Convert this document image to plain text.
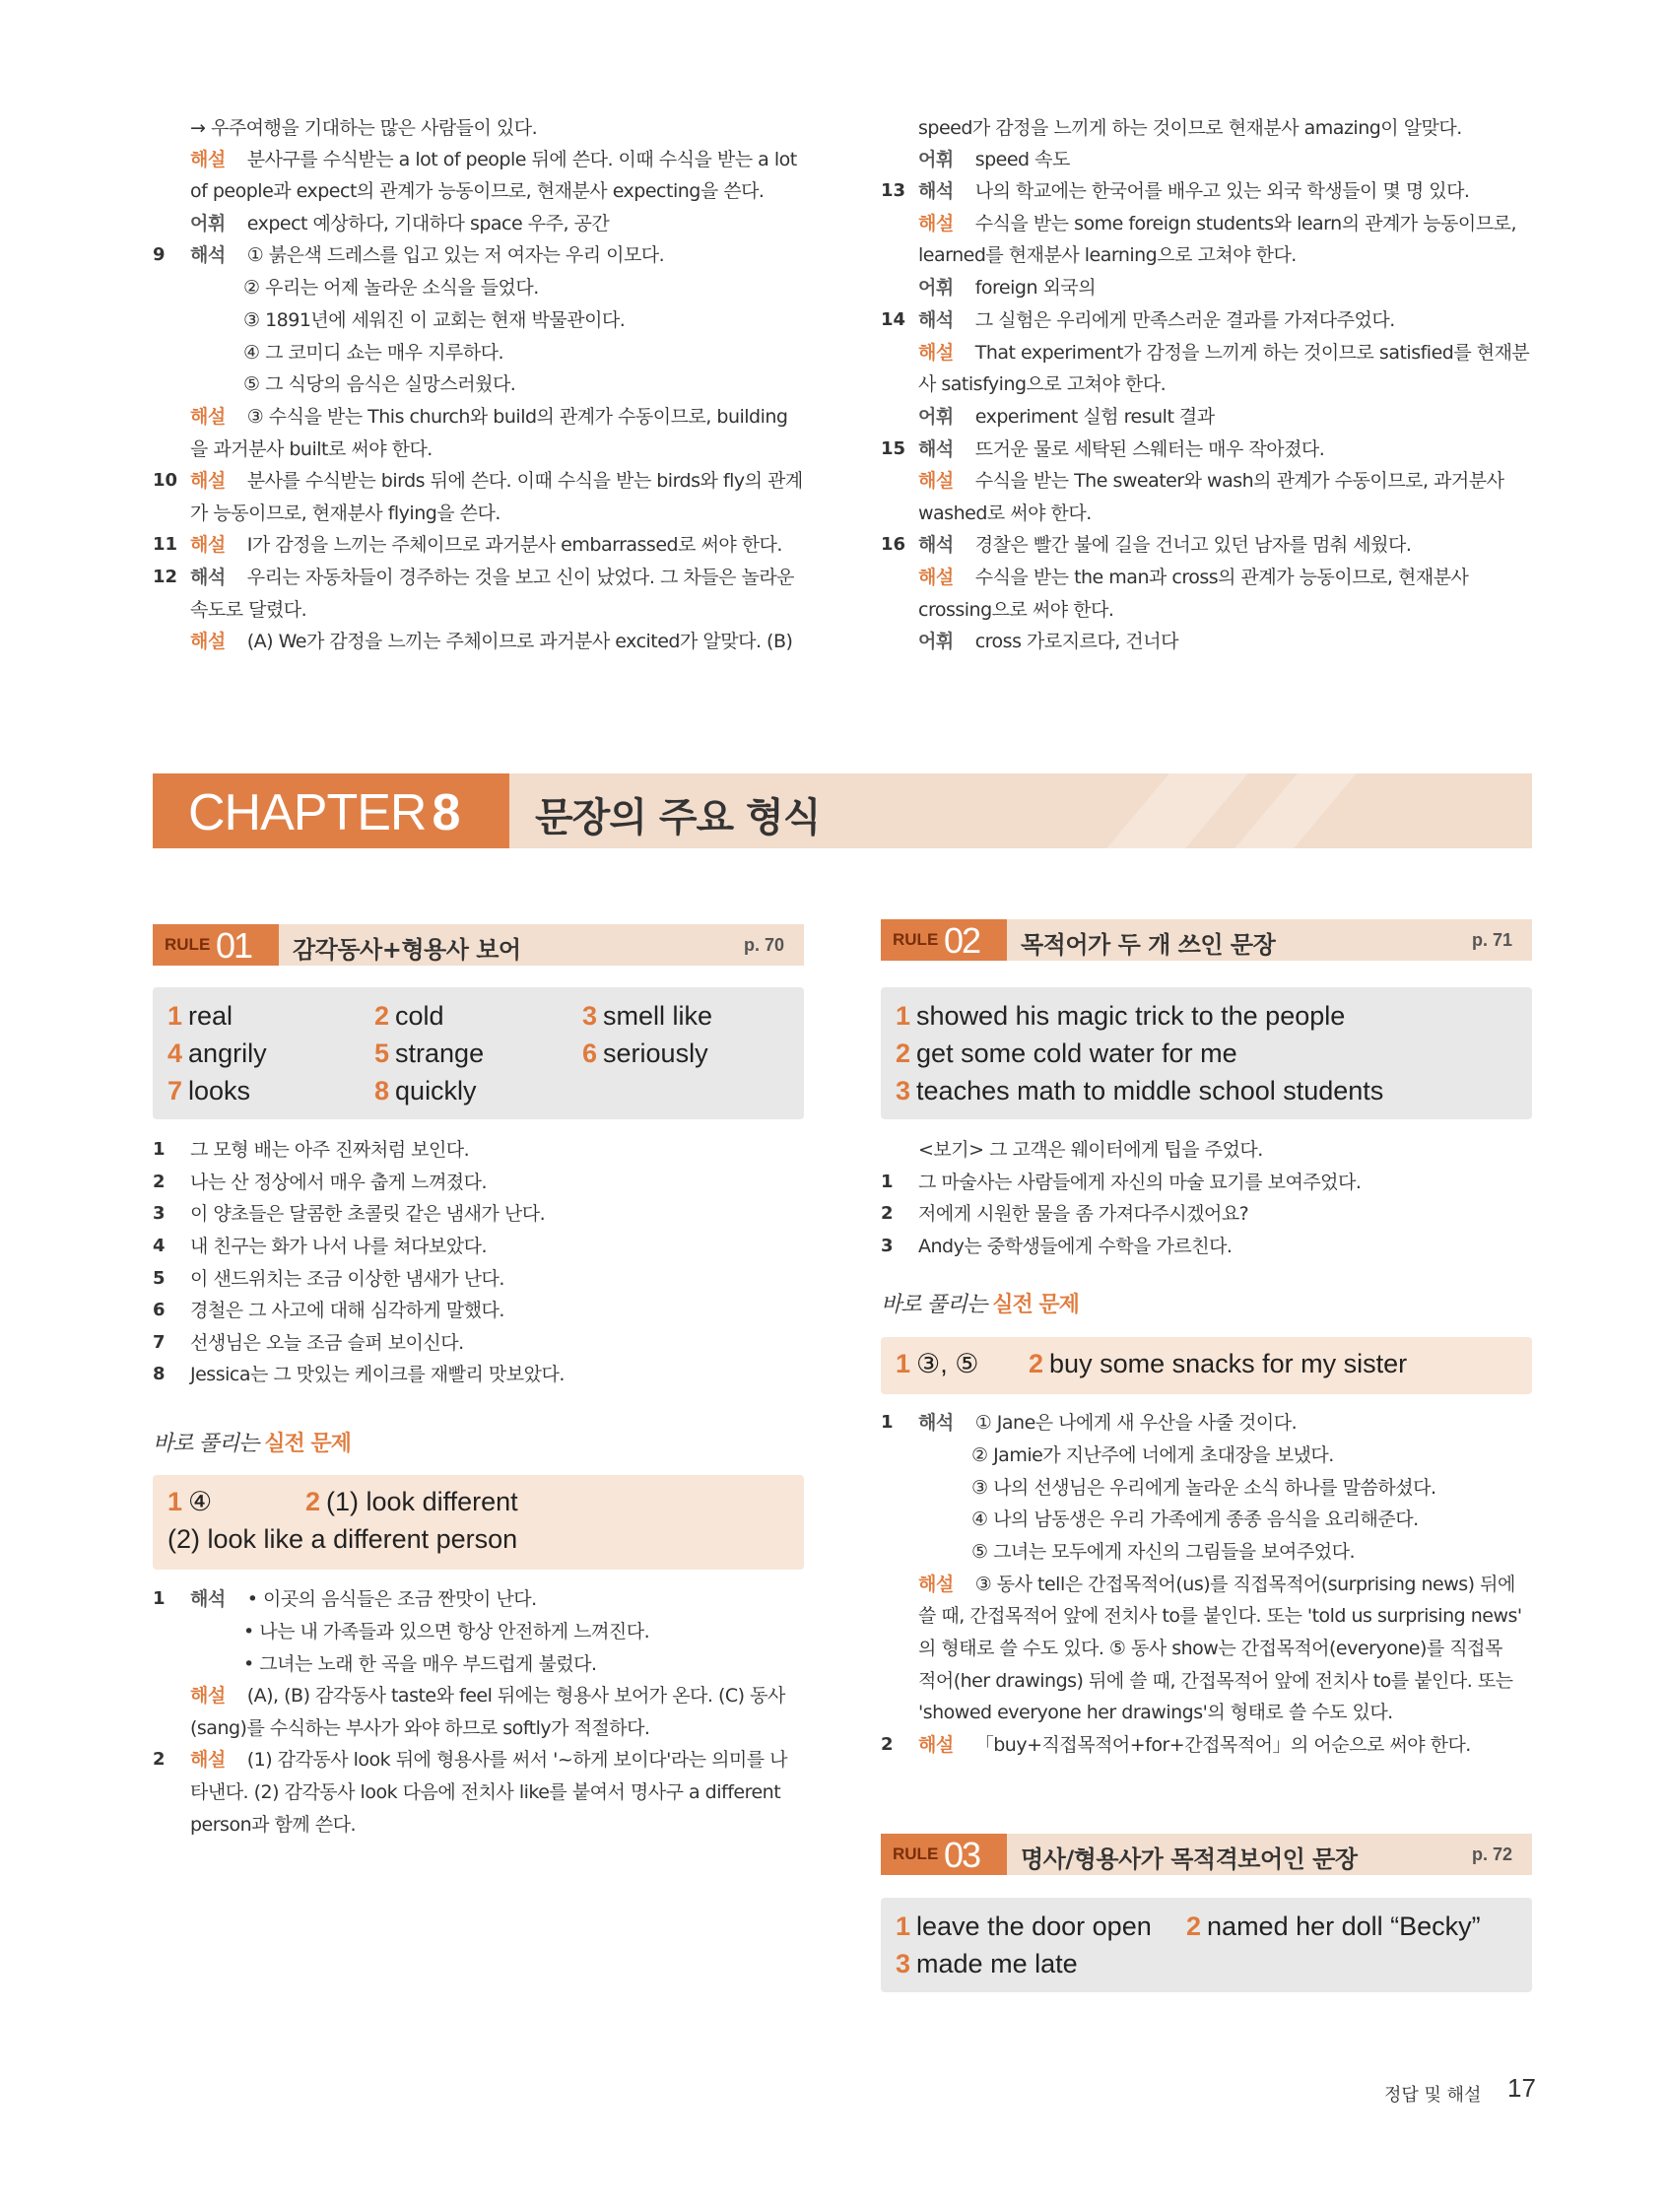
→ 우주여행을 기대하는 많은 사람들이 있다.
해설 분사구를 수식받는 a lot of people 뒤에 쓴다. 이때 수식을 받는 a lot
of people과 expect의 관계가 능동이므로, 현재분사 expecting을 쓴다.
어휘 expect 예상하다, 기대하다 space 우주, 공간
9 해석 ① 붉은색 드레스를 입고 있는 저 여자는 우리 이모다.
② 우리는 어제 놀라운 소식을 들었다.
③ 1891년에 세워진 이 교회는 현재 박물관이다.
④ 그 코미디 쇼는 매우 지루하다.
⑤ 그 식당의 음식은 실망스러웠다.
해설 ③ 수식을 받는 This church와 build의 관계가 수동이므로, building
을 과거분사 built로 써야 한다.
10 해설 분사를 수식받는 birds 뒤에 쓴다. 이때 수식을 받는 birds와 fly의 관계
가 능동이므로, 현재분사 flying을 쓴다.
11 해설 I가 감정을 느끼는 주체이므로 과거분사 embarrassed로 써야 한다.
12 해석 우리는 자동차들이 경주하는 것을 보고 신이 났었다. 그 차들은 놀라운
속도로 달렸다.
해설 (A) We가 감정을 느끼는 주체이므로 과거분사 excited가 알맞다. (B)
speed가 감정을 느끼게 하는 것이므로 현재분사 amazing이 알맞다.
어휘 speed 속도
13 해석 나의 학교에는 한국어를 배우고 있는 외국 학생들이 몇 명 있다.
해설 수식을 받는 some foreign students와 learn의 관계가 능동이므로,
learned를 현재분사 learning으로 고쳐야 한다.
어휘 foreign 외국의
14 해석 그 실험은 우리에게 만족스러운 결과를 가져다주었다.
해설 That experiment가 감정을 느끼게 하는 것이므로 satisfied를 현재분
사 satisfying으로 고쳐야 한다.
어휘 experiment 실험 result 결과
15 해석 뜨거운 물로 세탁된 스웨터는 매우 작아졌다.
해설 수식을 받는 The sweater와 wash의 관계가 수동이므로, 과거분사
washed로 써야 한다.
16 해석 경찰은 빨간 불에 길을 건너고 있던 남자를 멈춰 세웠다.
해설 수식을 받는 the man과 cross의 관계가 능동이므로, 현재분사
crossing으로 써야 한다.
어휘 cross 가로지르다, 건너다
CHAPTER 8 문장의 주요 형식
RULE 01 감각동사+형용사 보어	p. 70
1 real	2 cold	3 smell like
4 angrily	5 strange	6 seriously
7 looks	8 quickly
1 그 모형 배는 아주 진짜처럼 보인다.
2 나는 산 정상에서 매우 춥게 느껴졌다.
3 이 양초들은 달콤한 초콜릿 같은 냄새가 난다.
4 내 친구는 화가 나서 나를 쳐다보았다.
5 이 샌드위치는 조금 이상한 냄새가 난다.
6 경철은 그 사고에 대해 심각하게 말했다.
7 선생님은 오늘 조금 슬퍼 보이신다.
8 Jessica는 그 맛있는 케이크를 재빨리 맛보았다.
바로 풀리는 실전 문제
1 ④	2 (1) look different
(2) look like a different person
1 해석 • 이곳의 음식들은 조금 짠맛이 난다.
• 나는 내 가족들과 있으면 항상 안전하게 느껴진다.
• 그녀는 노래 한 곡을 매우 부드럽게 불렀다.
해설 (A), (B) 감각동사 taste와 feel 뒤에는 형용사 보어가 온다. (C) 동사
(sang)를 수식하는 부사가 와야 하므로 softly가 적절하다.
2 해설 (1) 감각동사 look 뒤에 형용사를 써서 '~하게 보이다'라는 의미를 나
타낸다. (2) 감각동사 look 다음에 전치사 like를 붙여서 명사구 a different
person과 함께 쓴다.
RULE 02 목적어가 두 개 쓰인 문장	p. 71
1 showed his magic trick to the people
2 get some cold water for me
3 teaches math to middle school students
<보기> 그 고객은 웨이터에게 팁을 주었다.
1 그 마술사는 사람들에게 자신의 마술 묘기를 보여주었다.
2 저에게 시원한 물을 좀 가져다주시겠어요?
3 Andy는 중학생들에게 수학을 가르친다.
바로 풀리는 실전 문제
1 ③, ⑤ 2 buy some snacks for my sister
1 해석 ① Jane은 나에게 새 우산을 사줄 것이다.
② Jamie가 지난주에 너에게 초대장을 보냈다.
③ 나의 선생님은 우리에게 놀라운 소식 하나를 말씀하셨다.
④ 나의 남동생은 우리 가족에게 종종 음식을 요리해준다.
⑤ 그녀는 모두에게 자신의 그림들을 보여주었다.
해설 ③ 동사 tell은 간접목적어(us)를 직접목적어(surprising news) 뒤에
쓸 때, 간접목적어 앞에 전치사 to를 붙인다. 또는 'told us surprising news'
의 형태로 쓸 수도 있다. ⑤ 동사 show는 간접목적어(everyone)를 직접목
적어(her drawings) 뒤에 쓸 때, 간접목적어 앞에 전치사 to를 붙인다. 또는
'showed everyone her drawings'의 형태로 쓸 수도 있다.
2 해설 「buy+직접목적어+for+간접목적어」의 어순으로 써야 한다.
RULE 03 명사/형용사가 목적격보어인 문장	p. 72
1 leave the door open 2 named her doll “Becky”
3 made me late
정답 및 해설 17
